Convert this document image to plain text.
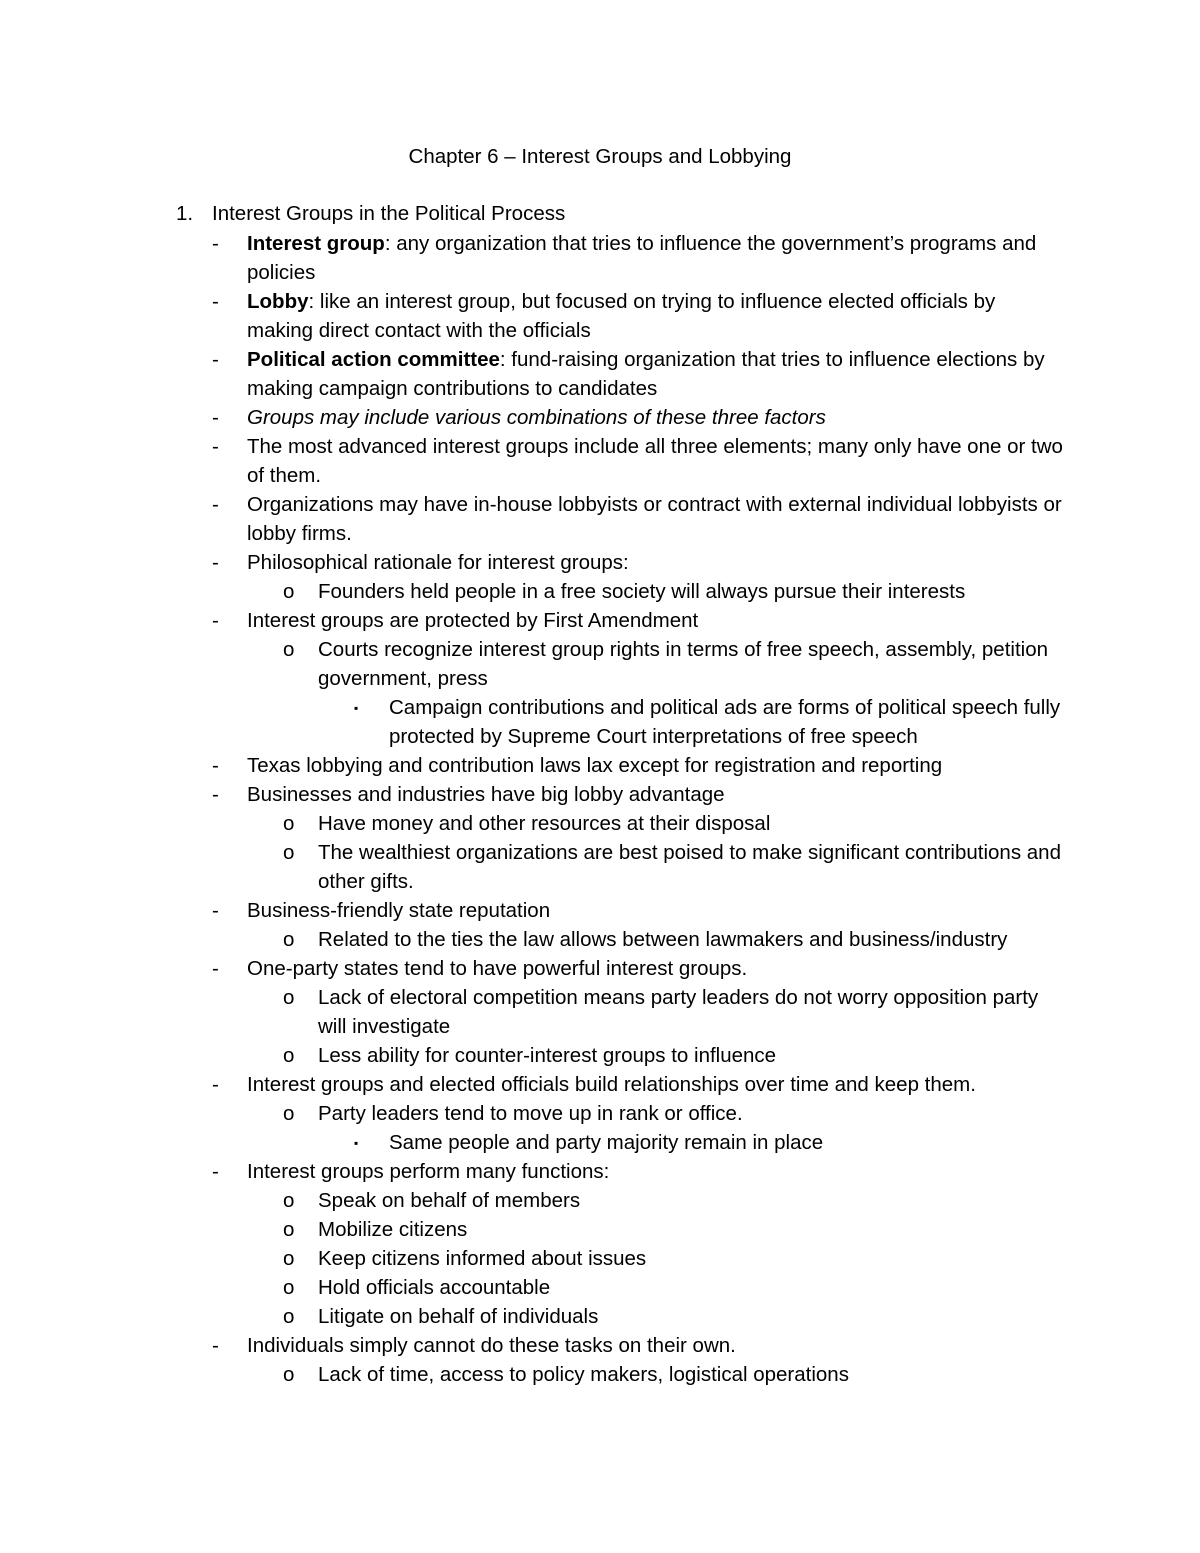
Chapter 6 – Interest Groups and Lobbying
1. Interest Groups in the Political Process
- Interest group: any organization that tries to influence the government’s programs and policies
- Lobby: like an interest group, but focused on trying to influence elected officials by making direct contact with the officials
- Political action committee: fund-raising organization that tries to influence elections by making campaign contributions to candidates
- Groups may include various combinations of these three factors
- The most advanced interest groups include all three elements; many only have one or two of them.
- Organizations may have in-house lobbyists or contract with external individual lobbyists or lobby firms.
- Philosophical rationale for interest groups:
o Founders held people in a free society will always pursue their interests
- Interest groups are protected by First Amendment
o Courts recognize interest group rights in terms of free speech, assembly, petition government, press
▪ Campaign contributions and political ads are forms of political speech fully protected by Supreme Court interpretations of free speech
- Texas lobbying and contribution laws lax except for registration and reporting
- Businesses and industries have big lobby advantage
o Have money and other resources at their disposal
o The wealthiest organizations are best poised to make significant contributions and other gifts.
- Business-friendly state reputation
o Related to the ties the law allows between lawmakers and business/industry
- One-party states tend to have powerful interest groups.
o Lack of electoral competition means party leaders do not worry opposition party will investigate
o Less ability for counter-interest groups to influence
- Interest groups and elected officials build relationships over time and keep them.
o Party leaders tend to move up in rank or office.
▪ Same people and party majority remain in place
- Interest groups perform many functions:
o Speak on behalf of members
o Mobilize citizens
o Keep citizens informed about issues
o Hold officials accountable
o Litigate on behalf of individuals
- Individuals simply cannot do these tasks on their own.
o Lack of time, access to policy makers, logistical operations
